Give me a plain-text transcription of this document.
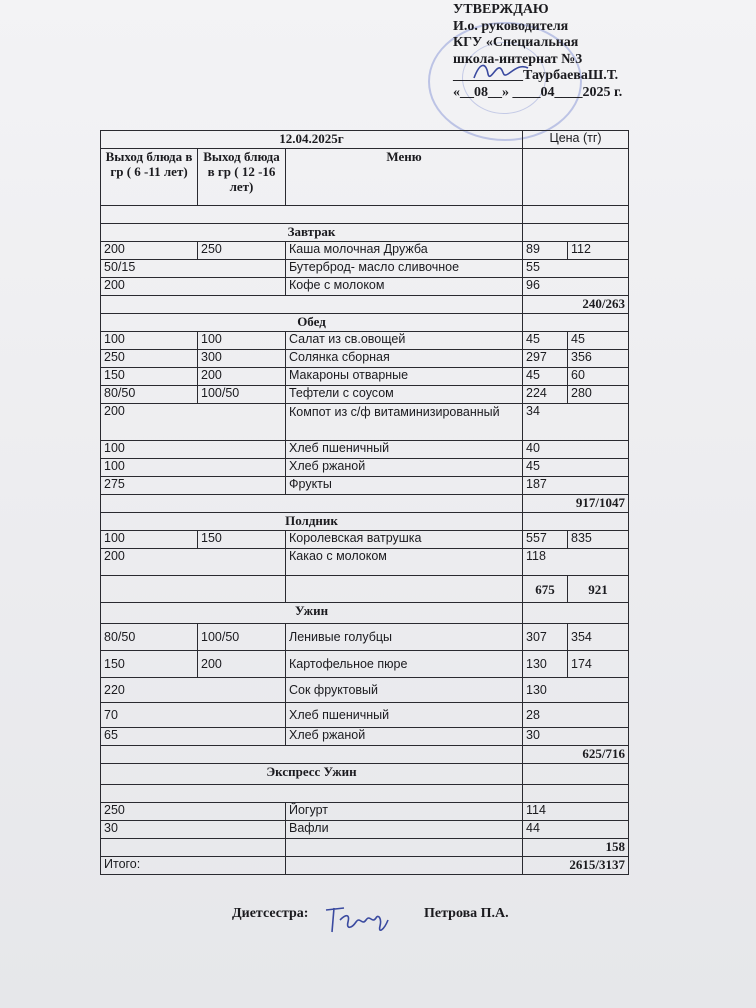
УТВЕРЖДАЮ
И.о. руководителя
КГУ «Специальная
школа-интернат №3
__________ТаурбаеваШ.Т.
«__08__» ____04____2025 г.
12.04.2025г			Цена (тг)	
Выход блюда в гр ( 6 -11 лет)	Выход блюда в гр ( 12 -16 лет)	Меню		

Завтрак				
200	250	Каша молочная Дружба	89	112
50/15		Бутерброд- масло сливочное	55	
200		Кофе с молоком	96	
			240/263	
Обед				
100	100	Салат из св.овощей	45	45
250	300	Солянка сборная	297	356
150	200	Макароны отварные	45	60
80/50	100/50	Тефтели с соусом	224	280
200		Компот из с/ф витаминизированный	34	
100		Хлеб пшеничный	40	
100		Хлеб ржаной	45	
275		Фрукты	187	
			917/1047	
Полдник				
100	150	Королевская ватрушка	557	835
200		Какао с молоком	118	
			675	921
Ужин				
80/50	100/50	Ленивые голубцы	307	354
150	200	Картофельное пюре	130	174
220		Сок фруктовый	130	
70		Хлеб пшеничный	28	
65		Хлеб ржаной	30	
			625/716	
Экспресс Ужин				

250		Йогурт	114	
30		Вафли	44	
			158	
Итого:			2615/3137	
Диетсестра:	Петрова П.А.
